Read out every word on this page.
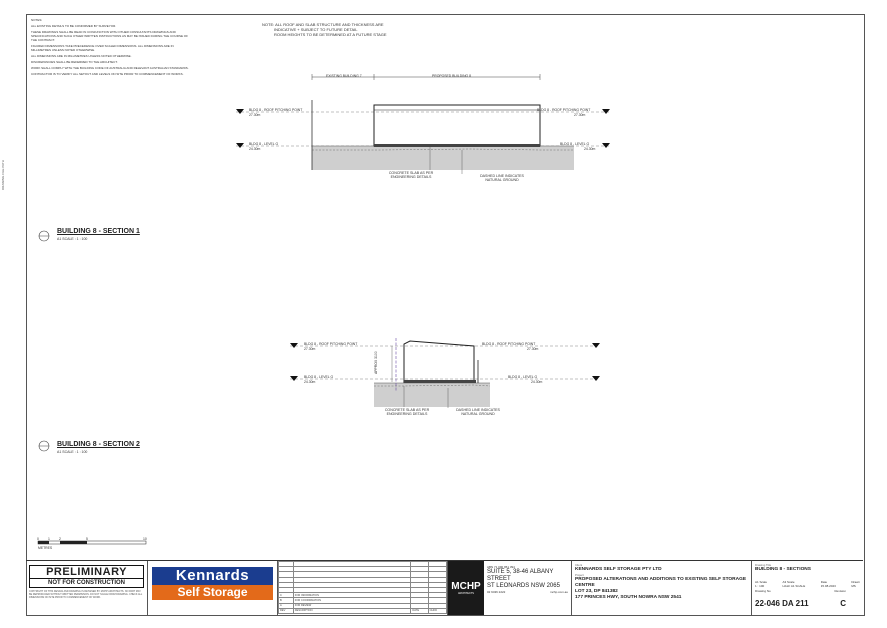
NOTES:
ALL EXISTING DETAILS TO BE CONFIRMED BY SURVEYOR.
THESE DRAWINGS SHALL BE READ IN CONJUNCTION WITH OTHER CONSULTANTS DRAWINGS AND SPECIFICATIONS AND SUCH OTHER WRITTEN INSTRUCTIONS AS MAY BE ISSUED DURING THE COURSE OF THE CONTRACT.
FIGURED DIMENSIONS TAKE PRECEDENCE OVER SCALED DIMENSIONS. ALL DIMENSIONS ARE IN MILLIMETRES UNLESS NOTED OTHERWISE.
ALL DIMENSIONS ARE IN MILLIMETRES UNLESS NOTED OTHERWISE.
DISCREPANCIES SHALL BE REFERRED TO THE ARCHITECT.
WORK SHALL COMPLY WITH THE BUILDING CODE OF AUSTRALIA AND RELEVANT AUSTRALIAN STANDARDS.
CONTRACTOR IS TO VERIFY ALL SETOUT AND LEVELS ON SITE PRIOR TO COMMENCEMENT OF WORKS.
DRAWING FILE PATH
NOTE: ALL ROOF AND SLAB STRUCTURE AND THICKNESS ARE
INDICATIVE + SUBJECT TO FUTURE DETAIL
ROOM HEIGHTS TO BE DETERMINED AT A FUTURE STAGE
EXISTING BUILDING 7	PROPOSED BUILDING 8
BLDG 8 - ROOF PITCHING POINT
27.30m
BLDG 8 - ROOF PITCHING POINT
27.30m
BLDG 8 - LEVEL G
24.30m
BLDG 8 - LEVEL G
24.30m
CONCRETE SLAB AS PER ENGINEERING DETAILS	DASHED LINE INDICATES NATURAL GROUND
BUILDING 8 - SECTION 1
A1 SCALE : 1 : 100
BLDG 8 - ROOF PITCHING POINT
27.30m
BLDG 8 - ROOF PITCHING POINT
27.30m
BLDG 8 - LEVEL G
24.30m
BLDG 8 - LEVEL G
24.30m
APPROX 3100
CONCRETE SLAB AS PER ENGINEERING DETAILS
DASHED LINE INDICATES NATURAL GROUND
BUILDING 8 - SECTION 2
A1 SCALE : 1 : 100
0	1	2	5	10
METRES
PRELIMINARY
NOT FOR CONSTRUCTION
COPYRIGHT OF THIS DESIGN AND DRAWING IS RETAINED BY MCHP ARCHITECTS. NO PART MAY BE REPRODUCED WITHOUT WRITTEN PERMISSION. DO NOT SCALE FROM DRAWING. CHECK ALL DIMENSIONS ON SITE PRIOR TO COMMENCEMENT OF WORK.
Kennards
Self Storage

				C	FOR INFORMATION		
B	FOR COORDINATION		
A	FOR REVIEW		
REV	DESCRIPTION	DATE	CHKD
MCHP
ARCHITECTS
ABN 71 090 951 394
SUITE 5, 38-46 ALBANY STREET
ST LEONARDS NSW 2065
02 9436 2222	mchp.com.au
Client
KENNARDS SELF STORAGE PTY LTD
Project
PROPOSED ALTERATIONS AND ADDITIONS TO EXISTING SELF STORAGE CENTRE
LOT 23, DP 841382
177 PRINCES HWY, SOUTH NOWRA NSW 2541
Drawing Title
BUILDING 8 - SECTIONS
A1 Scale
1 : 100
A3 Scale
HALF A1 SCALE
Date
15.08.2023
Drawn
MS
Drawing No	Revision
22-046 DA 211	C
